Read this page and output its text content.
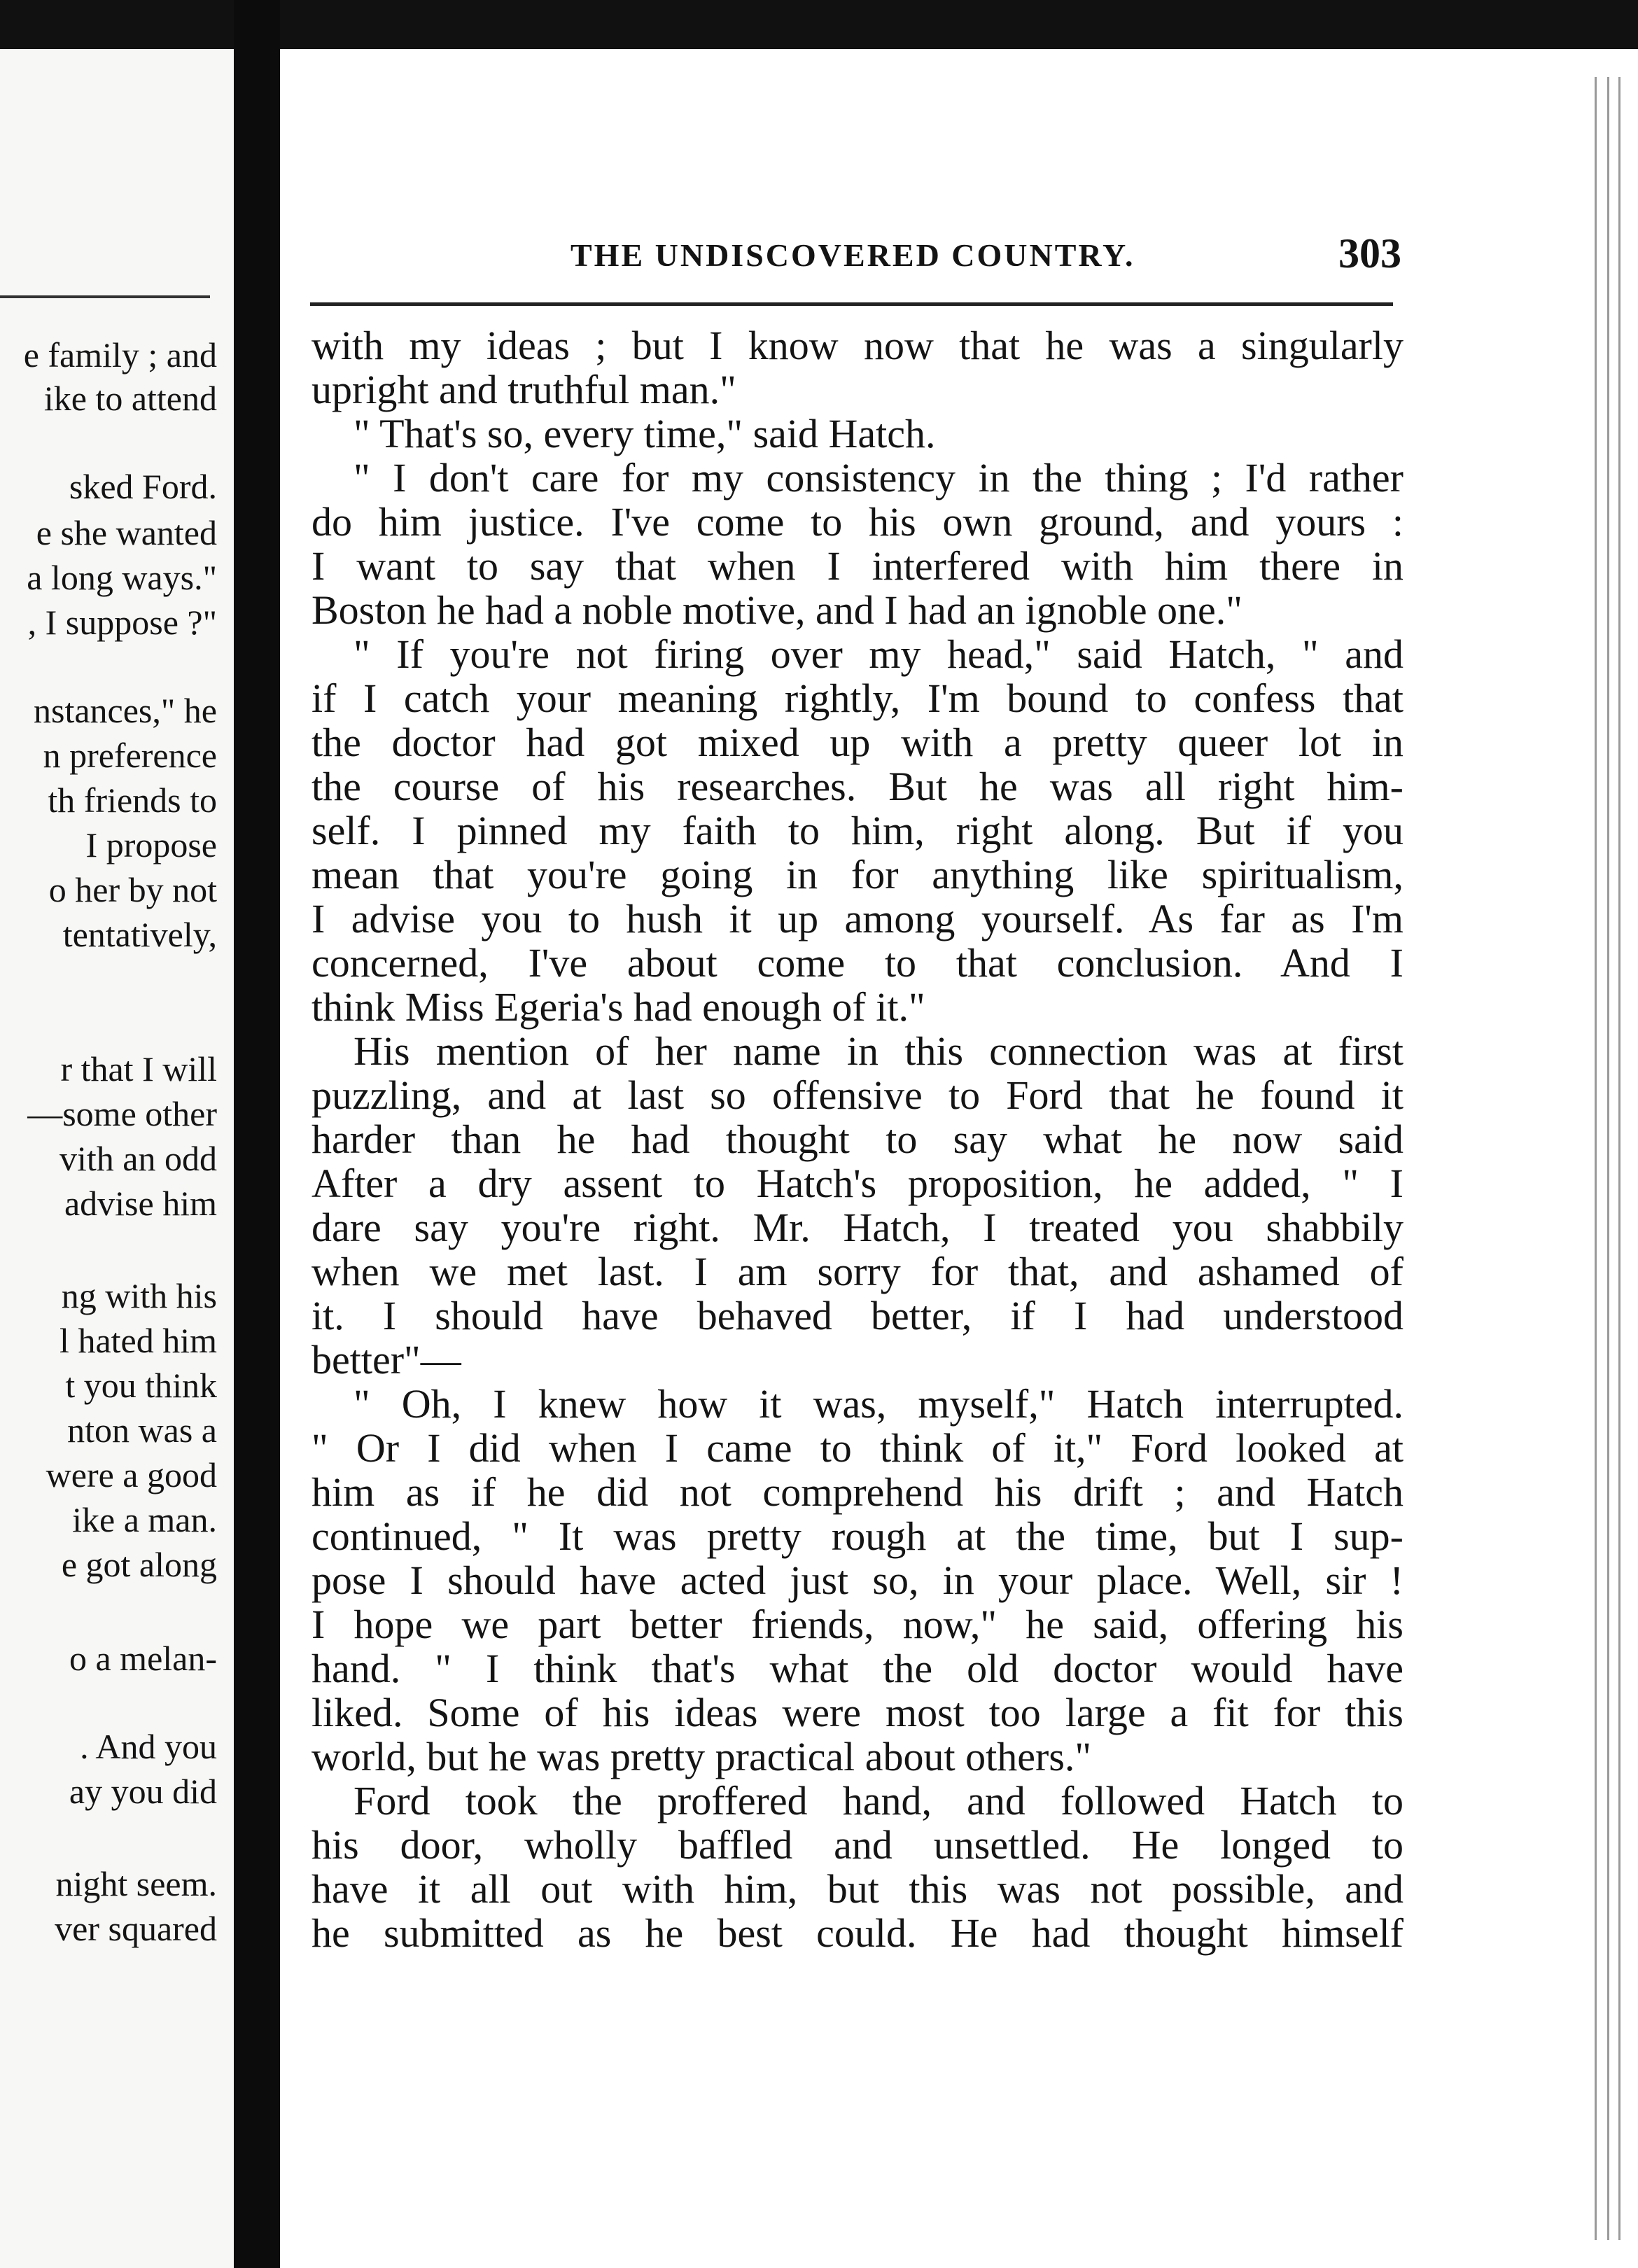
e family ; and
ike to attend
sked Ford.
e she wanted
a long ways."
, I suppose ?"
nstances," he
n preference
th friends to
I propose
o her by not
tentatively,
r that I will
—some other
vith an odd
advise him
ng with his
l hated him
t you think
nton was a
were a good
ike a man.
e got along
o a melan-
. And you
ay you did
night seem.
ver squared
THE UNDISCOVERED COUNTRY.	303
with my ideas ; but I know now that he was a singularly
upright and truthful man."
" That's so, every time," said Hatch.
" I don't care for my consistency in the thing ; I'd rather
do him justice. I've come to his own ground, and yours :
I want to say that when I interfered with him there in
Boston he had a noble motive, and I had an ignoble one."
" If you're not firing over my head," said Hatch, " and
if I catch your meaning rightly, I'm bound to confess that
the doctor had got mixed up with a pretty queer lot in
the course of his researches. But he was all right him-
self. I pinned my faith to him, right along. But if you
mean that you're going in for anything like spiritualism,
I advise you to hush it up among yourself. As far as I'm
concerned, I've about come to that conclusion. And I
think Miss Egeria's had enough of it."
His mention of her name in this connection was at first
puzzling, and at last so offensive to Ford that he found it
harder than he had thought to say what he now said
After a dry assent to Hatch's proposition, he added, " I
dare say you're right. Mr. Hatch, I treated you shabbily
when we met last. I am sorry for that, and ashamed of
it. I should have behaved better, if I had understood
better"—
" Oh, I knew how it was, myself," Hatch interrupted.
" Or I did when I came to think of it," Ford looked at
him as if he did not comprehend his drift ; and Hatch
continued, " It was pretty rough at the time, but I sup-
pose I should have acted just so, in your place. Well, sir !
I hope we part better friends, now," he said, offering his
hand. " I think that's what the old doctor would have
liked. Some of his ideas were most too large a fit for this
world, but he was pretty practical about others."
Ford took the proffered hand, and followed Hatch to
his door, wholly baffled and unsettled. He longed to
have it all out with him, but this was not possible, and
he submitted as he best could. He had thought himself
